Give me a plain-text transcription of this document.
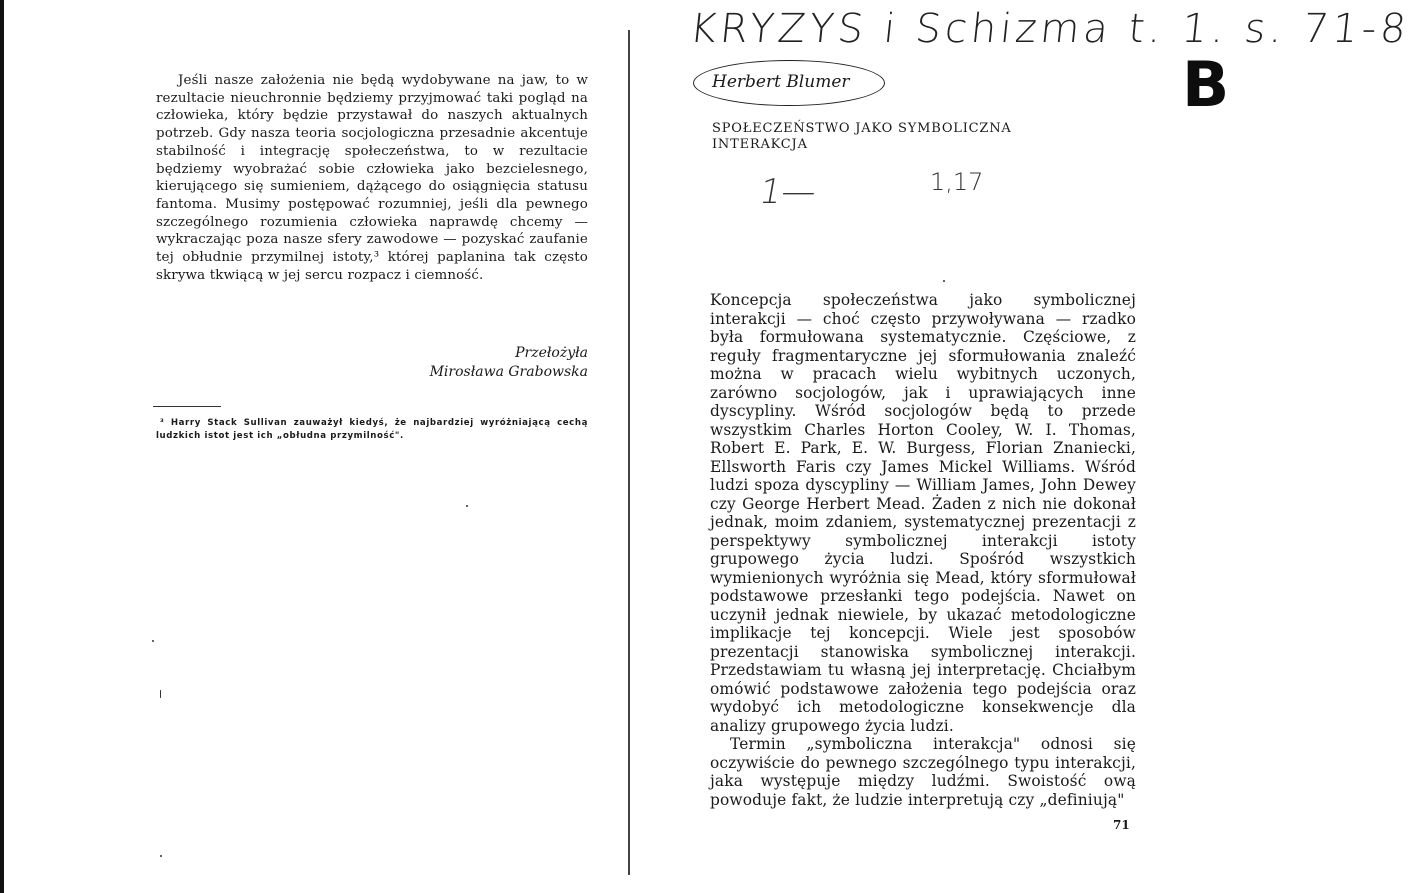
Jeśli nasze założenia nie będą wydobywane na jaw, to w rezultacie nieuchronnie będziemy przyjmować taki pogląd na człowieka, który będzie przystawał do naszych aktualnych potrzeb. Gdy nasza teoria socjologiczna przesadnie akcentuje stabilność i integrację społeczeństwa, to w rezultacie będziemy wyobrażać sobie człowieka jako bezcielesnego, kierującego się sumieniem, dążącego do osiągnięcia statusu fantoma. Musimy postępować rozumniej, jeśli dla pewnego szczególnego rozumienia człowieka naprawdę chcemy — wykraczając poza nasze sfery zawodowe — pozyskać zaufanie tej obłudnie przymilnej istoty,³ której paplanina tak często skrywa tkwiącą w jej sercu rozpacz i ciemność.

Przełożyła
Mirosława Grabowska

³ Harry Stack Sullivan zauważył kiedyś, że najbardziej wyróżniającą cechą ludzkich istot jest ich „obłudna przymilność".

KRYZYS i Schizma t. 1. s. 71-8
B
Herbert Blumer
SPOŁECZEŃSTWO JAKO SYMBOLICZNA INTERAKCJA
1—	1,17

Koncepcja społeczeństwa jako symbolicznej interakcji — choć często przywoływana — rzadko była formułowana systematycznie. Częściowe, z reguły fragmentaryczne jej sformułowania znaleźć można w pracach wielu wybitnych uczonych, zarówno socjologów, jak i uprawiających inne dyscypliny. Wśród socjologów będą to przede wszystkim Charles Horton Cooley, W. I. Thomas, Robert E. Park, E. W. Burgess, Florian Znaniecki, Ellsworth Faris czy James Mickel Williams. Wśród ludzi spoza dyscypliny — William James, John Dewey czy George Herbert Mead. Żaden z nich nie dokonał jednak, moim zdaniem, systematycznej prezentacji z perspektywy symbolicznej interakcji istoty grupowego życia ludzi. Spośród wszystkich wymienionych wyróżnia się Mead, który sformułował podstawowe przesłanki tego podejścia. Nawet on uczynił jednak niewiele, by ukazać metodologiczne implikacje tej koncepcji. Wiele jest sposobów prezentacji stanowiska symbolicznej interakcji. Przedstawiam tu własną jej interpretację. Chciałbym omówić podstawowe założenia tego podejścia oraz wydobyć ich metodologiczne konsekwencje dla analizy grupowego życia ludzi.

Termin „symboliczna interakcja" odnosi się oczywiście do pewnego szczególnego typu interakcji, jaka występuje między ludźmi. Swoistość ową powoduje fakt, że ludzie interpretują czy „definiują"

71
